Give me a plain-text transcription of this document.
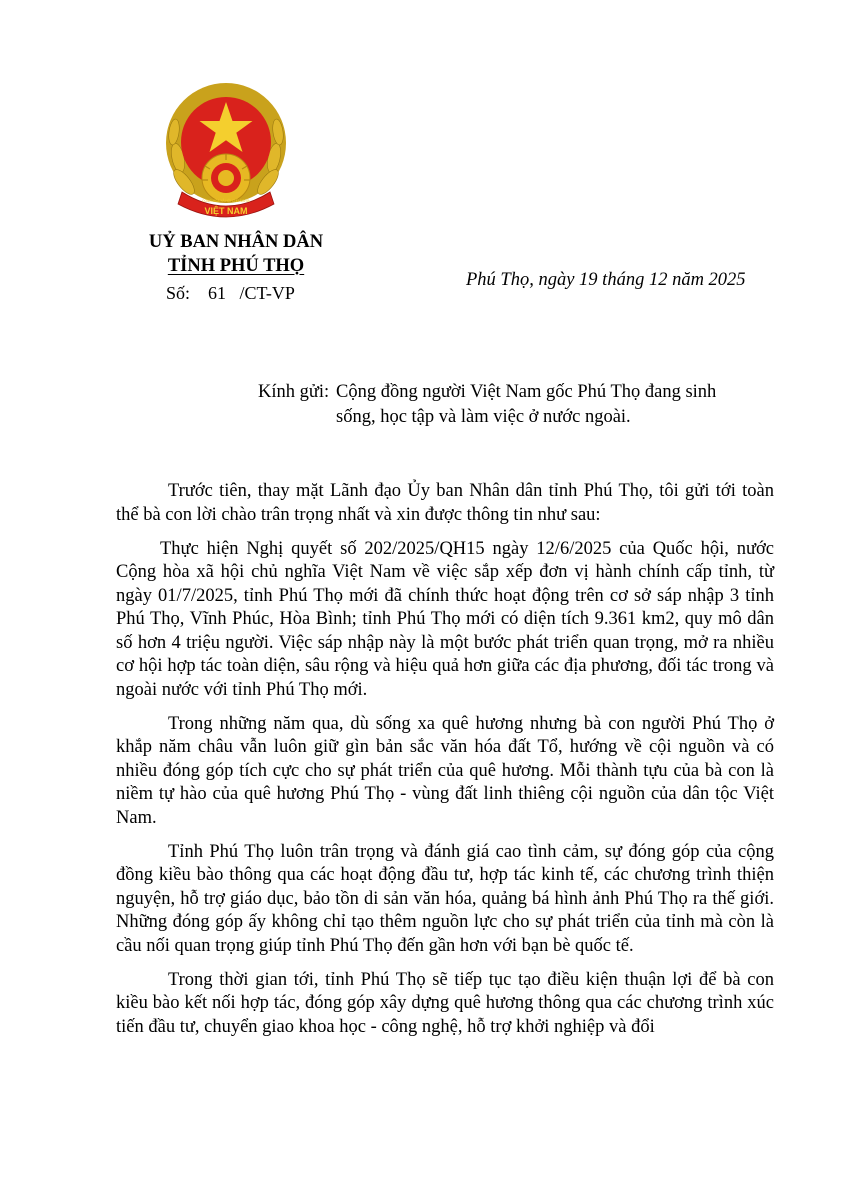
VIỆT NAM
CỘNG HÒA XÃ HỘI CHỦ NGHĨA
UỶ BAN NHÂN DÂN
TỈNH PHÚ THỌ
Số: 61 /CT-VP
Phú Thọ, ngày 19 tháng 12 năm 2025
Kính gửi: Cộng đồng người Việt Nam gốc Phú Thọ đang sinh sống, học tập và làm việc ở nước ngoài.

Trước tiên, thay mặt Lãnh đạo Ủy ban Nhân dân tỉnh Phú Thọ, tôi gửi tới toàn thể bà con lời chào trân trọng nhất và xin được thông tin như sau:

Thực hiện Nghị quyết số 202/2025/QH15 ngày 12/6/2025 của Quốc hội, nước Cộng hòa xã hội chủ nghĩa Việt Nam về việc sắp xếp đơn vị hành chính cấp tỉnh, từ ngày 01/7/2025, tỉnh Phú Thọ mới đã chính thức hoạt động trên cơ sở sáp nhập 3 tỉnh Phú Thọ, Vĩnh Phúc, Hòa Bình; tỉnh Phú Thọ mới có diện tích 9.361 km2, quy mô dân số hơn 4 triệu người. Việc sáp nhập này là một bước phát triển quan trọng, mở ra nhiều cơ hội hợp tác toàn diện, sâu rộng và hiệu quả hơn giữa các địa phương, đối tác trong và ngoài nước với tỉnh Phú Thọ mới.

Trong những năm qua, dù sống xa quê hương nhưng bà con người Phú Thọ ở khắp năm châu vẫn luôn giữ gìn bản sắc văn hóa đất Tổ, hướng về cội nguồn và có nhiều đóng góp tích cực cho sự phát triển của quê hương. Mỗi thành tựu của bà con là niềm tự hào của quê hương Phú Thọ - vùng đất linh thiêng cội nguồn của dân tộc Việt Nam.

Tỉnh Phú Thọ luôn trân trọng và đánh giá cao tình cảm, sự đóng góp của cộng đồng kiều bào thông qua các hoạt động đầu tư, hợp tác kinh tế, các chương trình thiện nguyện, hỗ trợ giáo dục, bảo tồn di sản văn hóa, quảng bá hình ảnh Phú Thọ ra thế giới. Những đóng góp ấy không chỉ tạo thêm nguồn lực cho sự phát triển của tỉnh mà còn là cầu nối quan trọng giúp tỉnh Phú Thọ đến gần hơn với bạn bè quốc tế.

Trong thời gian tới, tỉnh Phú Thọ sẽ tiếp tục tạo điều kiện thuận lợi để bà con kiều bào kết nối hợp tác, đóng góp xây dựng quê hương thông qua các chương trình xúc tiến đầu tư, chuyển giao khoa học - công nghệ, hỗ trợ khởi nghiệp và đổi
